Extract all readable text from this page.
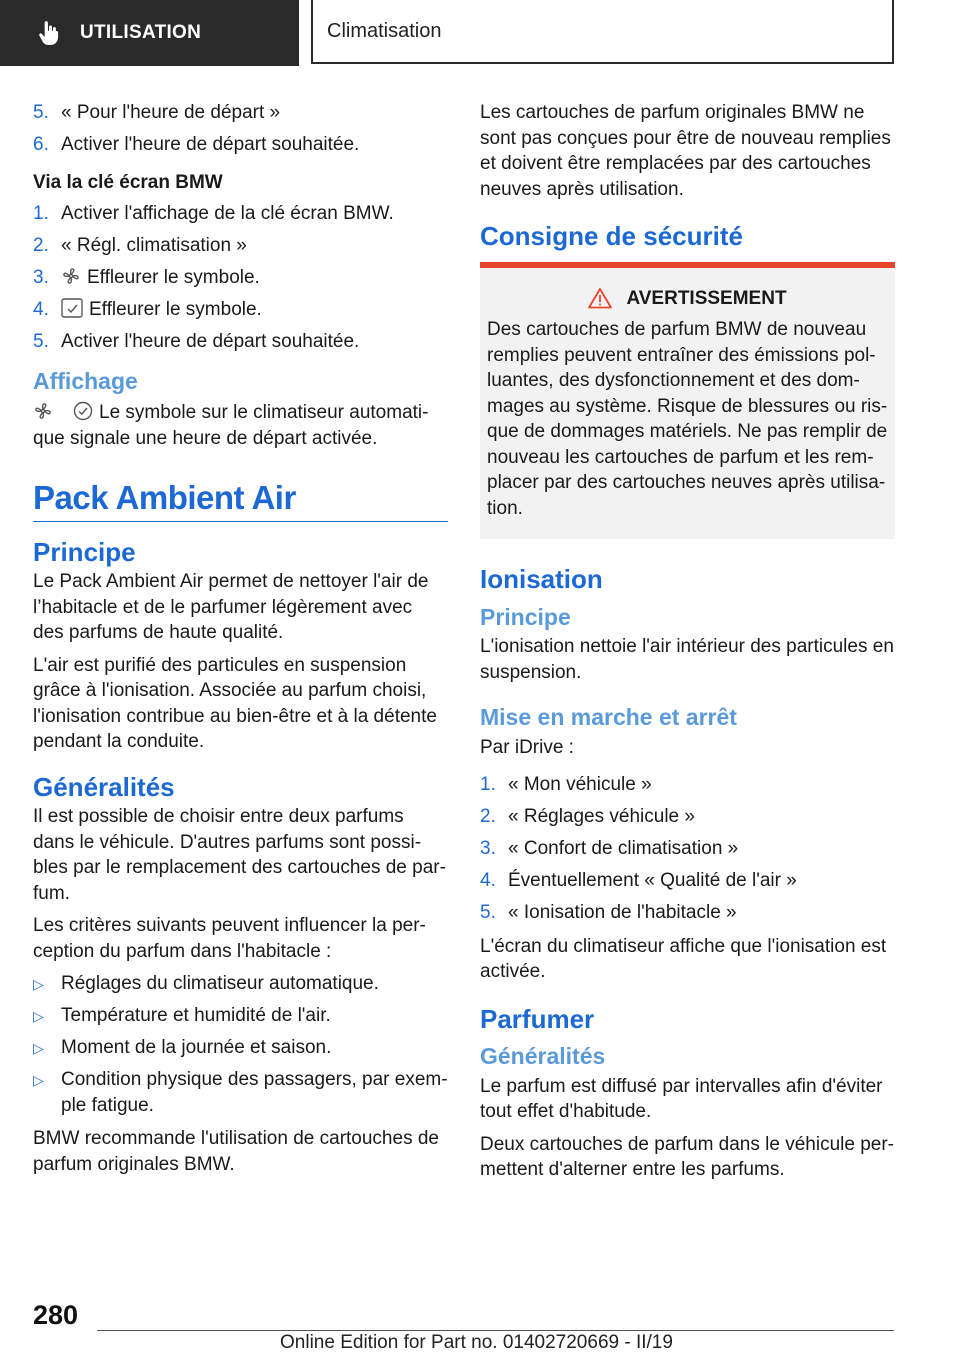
UTILISATION	Climatisation
5. « Pour l'heure de départ »
6. Activer l'heure de départ souhaitée.
Via la clé écran BMW
1. Activer l'affichage de la clé écran BMW.
2. « Régl. climatisation »
3. Effleurer le symbole.
4. Effleurer le symbole.
5. Activer l'heure de départ souhaitée.
Affichage

Le symbole sur le climatiseur automati-que signale une heure de départ activée.

Pack Ambient Air
Principe

Le Pack Ambient Air permet de nettoyer l'air de l’habitacle et de le parfumer légèrement avec des parfums de haute qualité.

L'air est purifié des particules en suspension grâce à l'ionisation. Associée au parfum choisi, l'ionisation contribue au bien-être et à la détente pendant la conduite.

Généralités

Il est possible de choisir entre deux parfums dans le véhicule. D'autres parfums sont possi-bles par le remplacement des cartouches de par-fum.

Les critères suivants peuvent influencer la per-ception du parfum dans l'habitacle :

▷ Réglages du climatiseur automatique.
▷ Température et humidité de l'air.
▷ Moment de la journée et saison.
▷ Condition physique des passagers, par exem-ple fatigue.

BMW recommande l'utilisation de cartouches de parfum originales BMW.

Les cartouches de parfum originales BMW ne sont pas conçues pour être de nouveau remplies et doivent être remplacées par des cartouches neuves après utilisation.

Consigne de sécurité
AVERTISSEMENT
Des cartouches de parfum BMW de nouveau remplies peuvent entraîner des émissions pol-luantes, des dysfonctionnement et des dom-mages au système. Risque de blessures ou ris-que de dommages matériels. Ne pas remplir de nouveau les cartouches de parfum et les rem-placer par des cartouches neuves après utilisa-tion.
Ionisation
Principe

L'ionisation nettoie l'air intérieur des particules en suspension.

Mise en marche et arrêt

Par iDrive :

1. « Mon véhicule »
2. « Réglages véhicule »
3. « Confort de climatisation »
4. Éventuellement « Qualité de l'air »
5. « Ionisation de l'habitacle »

L'écran du climatiseur affiche que l'ionisation est activée.

Parfumer
Généralités

Le parfum est diffusé par intervalles afin d'éviter tout effet d'habitude.

Deux cartouches de parfum dans le véhicule per-mettent d'alterner entre les parfums.

280
Online Edition for Part no. 01402720669 - II/19
